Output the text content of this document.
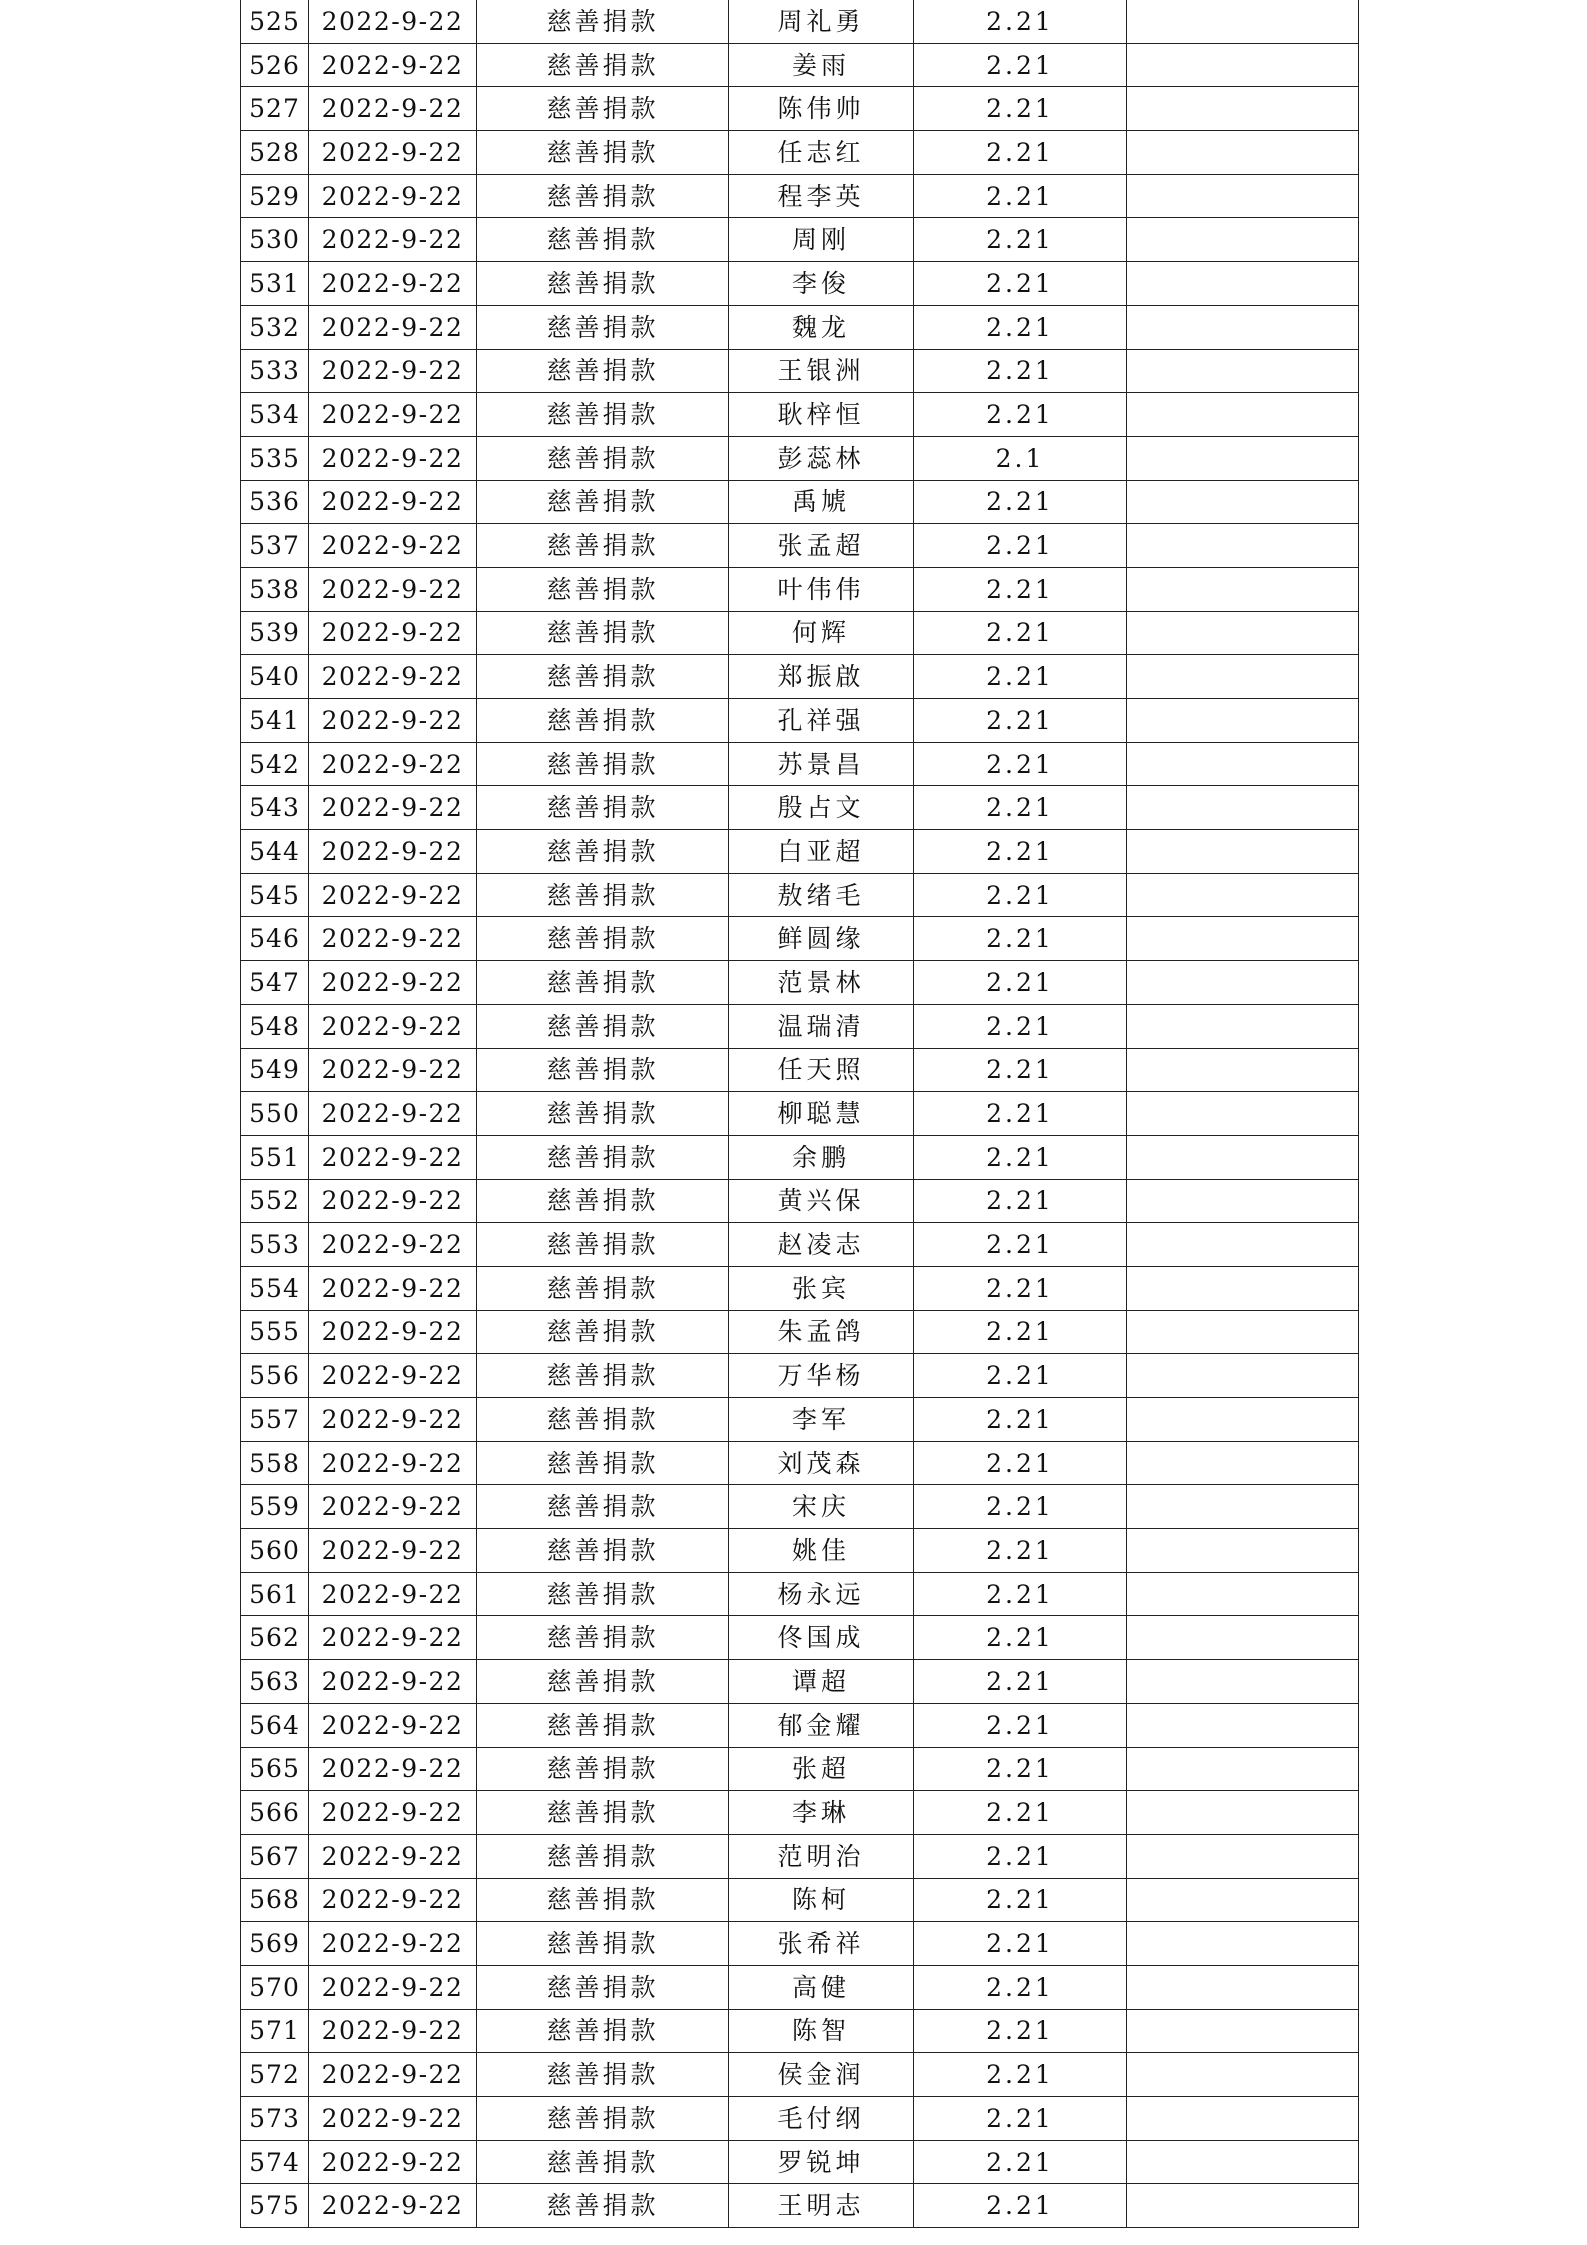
525	2022-9-22	慈善捐款	周礼勇	2.21	
526	2022-9-22	慈善捐款	姜雨	2.21	
527	2022-9-22	慈善捐款	陈伟帅	2.21	
528	2022-9-22	慈善捐款	任志红	2.21	
529	2022-9-22	慈善捐款	程李英	2.21	
530	2022-9-22	慈善捐款	周刚	2.21	
531	2022-9-22	慈善捐款	李俊	2.21	
532	2022-9-22	慈善捐款	魏龙	2.21	
533	2022-9-22	慈善捐款	王银洲	2.21	
534	2022-9-22	慈善捐款	耿梓恒	2.21	
535	2022-9-22	慈善捐款	彭蕊林	2.1	
536	2022-9-22	慈善捐款	禹虓	2.21	
537	2022-9-22	慈善捐款	张孟超	2.21	
538	2022-9-22	慈善捐款	叶伟伟	2.21	
539	2022-9-22	慈善捐款	何辉	2.21	
540	2022-9-22	慈善捐款	郑振啟	2.21	
541	2022-9-22	慈善捐款	孔祥强	2.21	
542	2022-9-22	慈善捐款	苏景昌	2.21	
543	2022-9-22	慈善捐款	殷占文	2.21	
544	2022-9-22	慈善捐款	白亚超	2.21	
545	2022-9-22	慈善捐款	敖绪毛	2.21	
546	2022-9-22	慈善捐款	鲜圆缘	2.21	
547	2022-9-22	慈善捐款	范景林	2.21	
548	2022-9-22	慈善捐款	温瑞清	2.21	
549	2022-9-22	慈善捐款	任天照	2.21	
550	2022-9-22	慈善捐款	柳聪慧	2.21	
551	2022-9-22	慈善捐款	余鹏	2.21	
552	2022-9-22	慈善捐款	黄兴保	2.21	
553	2022-9-22	慈善捐款	赵凌志	2.21	
554	2022-9-22	慈善捐款	张宾	2.21	
555	2022-9-22	慈善捐款	朱孟鸽	2.21	
556	2022-9-22	慈善捐款	万华杨	2.21	
557	2022-9-22	慈善捐款	李军	2.21	
558	2022-9-22	慈善捐款	刘茂森	2.21	
559	2022-9-22	慈善捐款	宋庆	2.21	
560	2022-9-22	慈善捐款	姚佳	2.21	
561	2022-9-22	慈善捐款	杨永远	2.21	
562	2022-9-22	慈善捐款	佟国成	2.21	
563	2022-9-22	慈善捐款	谭超	2.21	
564	2022-9-22	慈善捐款	郁金耀	2.21	
565	2022-9-22	慈善捐款	张超	2.21	
566	2022-9-22	慈善捐款	李琳	2.21	
567	2022-9-22	慈善捐款	范明治	2.21	
568	2022-9-22	慈善捐款	陈柯	2.21	
569	2022-9-22	慈善捐款	张希祥	2.21	
570	2022-9-22	慈善捐款	高健	2.21	
571	2022-9-22	慈善捐款	陈智	2.21	
572	2022-9-22	慈善捐款	侯金润	2.21	
573	2022-9-22	慈善捐款	毛付纲	2.21	
574	2022-9-22	慈善捐款	罗锐坤	2.21	
575	2022-9-22	慈善捐款	王明志	2.21	
